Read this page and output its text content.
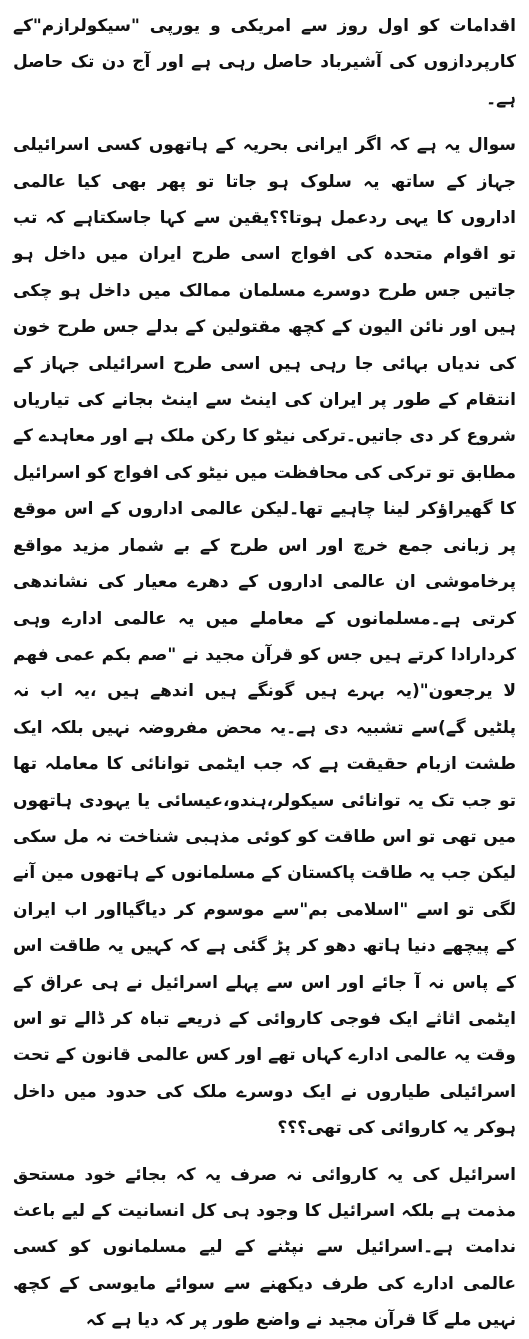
اقدامات کو اول روز سے امریکی و یورپی "سیکولرازم"کے کارپردازوں کی آشیرباد حاصل رہی ہے اور آج دن تک حاصل ہے۔

سوال یہ ہے کہ اگر ایرانی بحریہ کے ہاتھوں کسی اسرائیلی جہاز کے ساتھ یہ سلوک ہو جاتا تو پھر بھی کیا عالمی اداروں کا یہی ردعمل ہوتا؟؟یقین سے کہا جاسکتاہے کہ تب تو اقوام متحدہ کی افواج اسی طرح ایران میں داخل ہو جاتیں جس طرح دوسرے مسلمان ممالک میں داخل ہو چکی ہیں اور نائن الیون کے کچھ مقتولین کے بدلے جس طرح خون کی ندیاں بہائی جا رہی ہیں اسی طرح اسرائیلی جہاز کے انتقام کے طور پر ایران کی اینٹ سے اینٹ بجانے کی تیاریاں شروع کر دی جاتیں۔ترکی نیٹو کا رکن ملک ہے اور معاہدے کے مطابق تو ترکی کی محافظت میں نیٹو کی افواج کو اسرائیل کا گھیراؤکر لینا چاہیے تھا۔لیکن عالمی اداروں کے اس موقع پر زبانی جمع خرچ اور اس طرح کے بے شمار مزید مواقع پرخاموشی ان عالمی اداروں کے دھرے معیار کی نشاندھی کرتی ہے۔مسلمانوں کے معاملے میں یہ عالمی ادارے وہی کردارادا کرتے ہیں جس کو قرآن مجید نے "صم بکم عمی فھم لا یرجعون"(یہ بہرے ہیں گونگے ہیں اندھے ہیں ،یہ اب نہ پلٹیں گے)سے تشبیہ دی ہے۔یہ محض مفروضہ نہیں بلکہ ایک طشت ازبام حقیقت ہے کہ جب ایٹمی توانائی کا معاملہ تھا تو جب تک یہ توانائی سیکولر،ہندو،عیسائی یا یہودی ہاتھوں میں تھی تو اس طاقت کو کوئی مذہبی شناخت نہ مل سکی لیکن جب یہ طاقت پاکستان کے مسلمانوں کے ہاتھوں مین آنے لگی تو اسے "اسلامی بم"سے موسوم کر دیاگیااور اب ایران کے پیچھے دنیا ہاتھ دھو کر پڑ گئی ہے کہ کہیں یہ طاقت اس کے پاس نہ آ جائے اور اس سے پہلے اسرائیل نے ہی عراق کے ایٹمی اثاثے ایک فوجی کاروائی کے ذریعے تباہ کر ڈالے تو اس وقت یہ عالمی ادارے کہاں تھے اور کس عالمی قانون کے تحت اسرائیلی طیاروں نے ایک دوسرے ملک کی حدود میں داخل ہوکر یہ کاروائی کی تھی؟؟؟

اسرائیل کی یہ کاروائی نہ صرف یہ کہ بجائے خود مستحق مذمت ہے بلکہ اسرائیل کا وجود ہی کل انسانیت کے لیے باعث ندامت ہے۔اسرائیل سے نپٹنے کے لیے مسلمانوں کو کسی عالمی ادارے کی طرف دیکھنے سے سوائے مایوسی کے کچھ نہیں ملے گا قرآن مجید نے واضع طور پر کہ دیا ہے کہ
